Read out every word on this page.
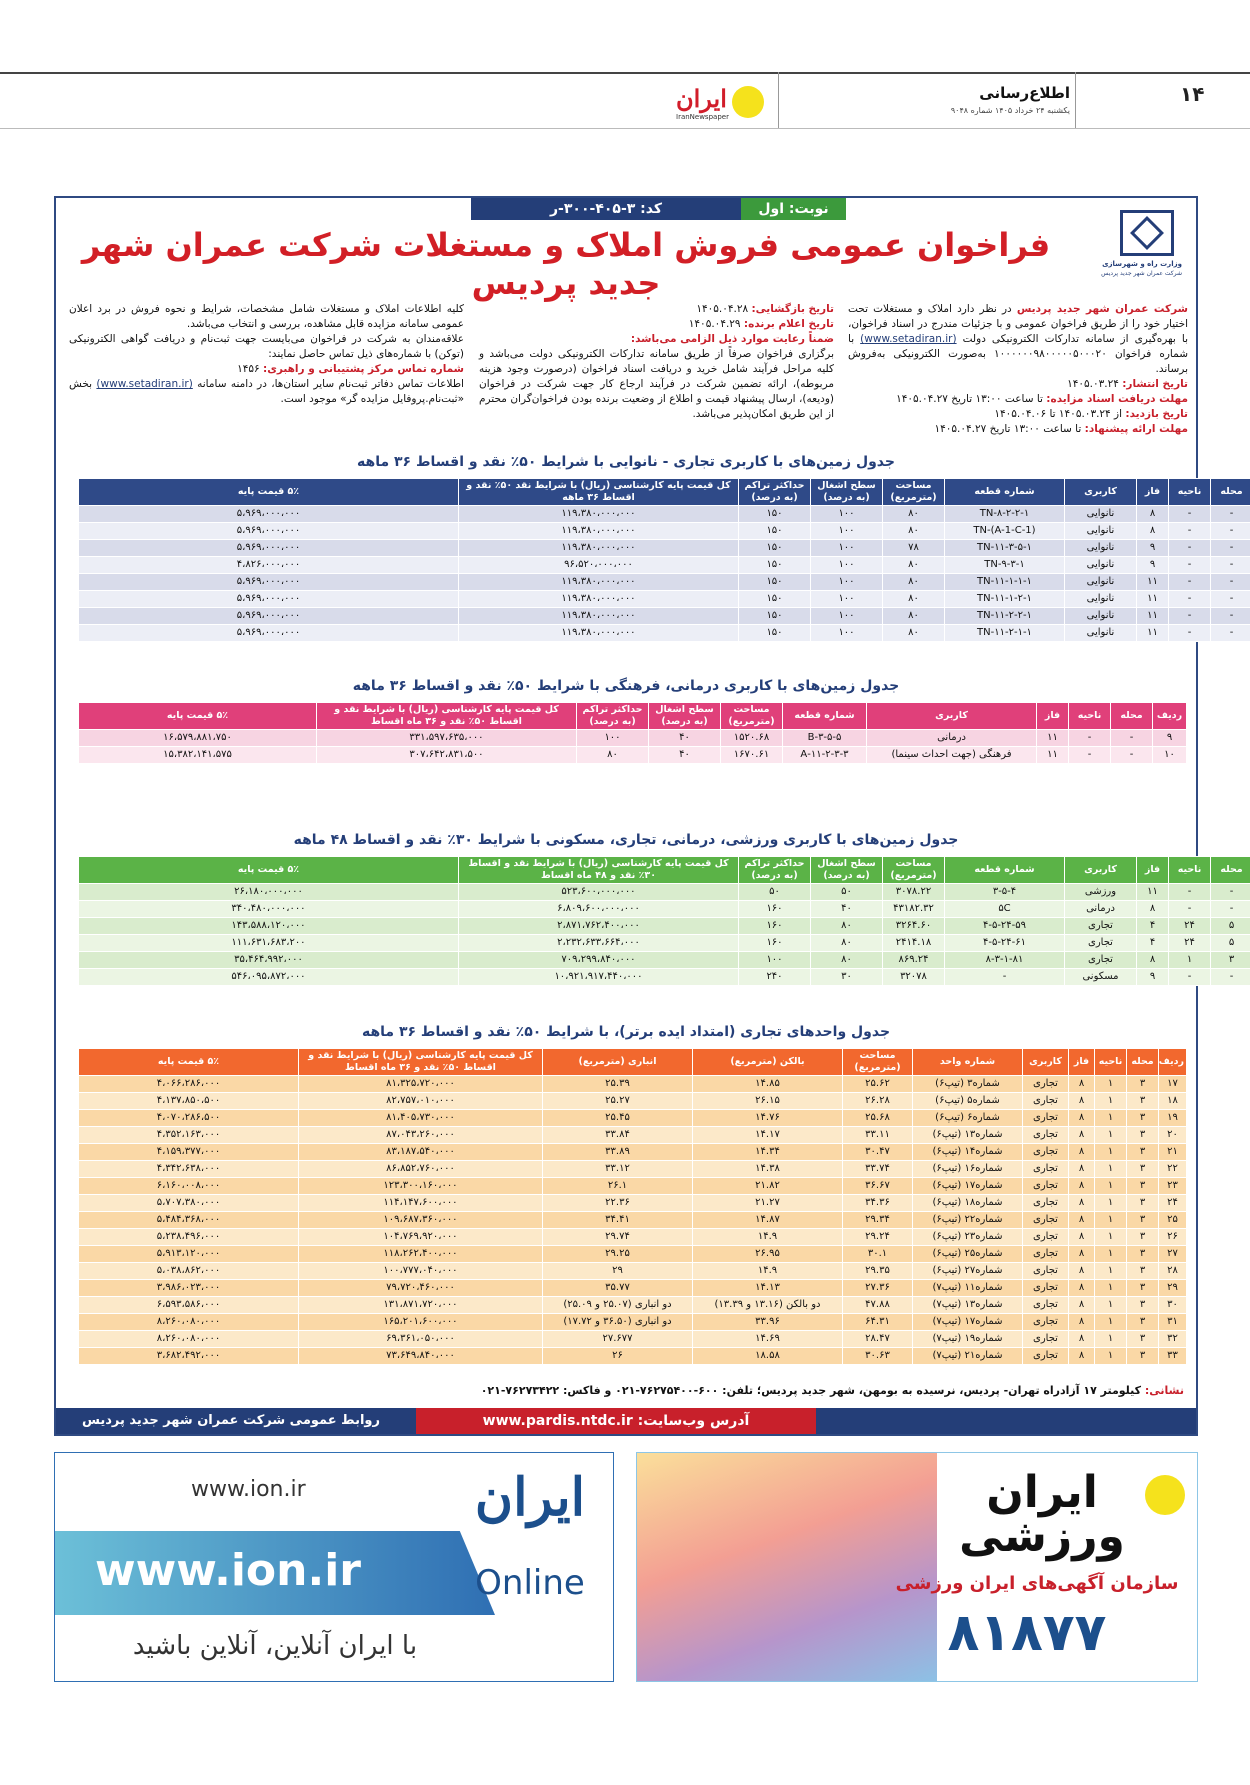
۱۴
اطلاع‌رسانی
یکشنبه ۲۴ خرداد ۱۴۰۵ شماره ۹۰۴۸
ایران
IranNewspaper
نوبت: اول
کد: ۳-۴۰۵-۳۰۰-ر
وزارت راه و شهرسازی
شرکت عمران شهر جدید پردیس
فراخوان عمومی فروش املاک و مستغلات شرکت عمران شهر جدید پردیس

شرکت عمران شهر جدید پردیس در نظر دارد املاک و مستغلات تحت اختیار خود را از طریق فراخوان عمومی و با جزئیات مندرج در اسناد فراخوان، با بهره‌گیری از سامانه تدارکات الکترونیکی دولت (www.setadiran.ir) با شماره فراخوان ۱۰۰۰۰۰۰۹۸۰۰۰۰۰۵۰۰۰۲۰ به‌صورت الکترونیکی به‌فروش برساند.

تاریخ انتشار: ۱۴۰۵.۰۳.۲۴

مهلت دریافت اسناد مزایده: تا ساعت ۱۳:۰۰ تاریخ ۱۴۰۵.۰۴.۲۷

تاریخ بازدید: از ۱۴۰۵.۰۳.۲۴ تا ۱۴۰۵.۰۴.۰۶

مهلت ارائه پیشنهاد: تا ساعت ۱۳:۰۰ تاریخ ۱۴۰۵.۰۴.۲۷

تاریخ بازگشایی: ۱۴۰۵.۰۴.۲۸

تاریخ اعلام برنده: ۱۴۰۵.۰۴.۲۹

ضمناً رعایت موارد ذیل الزامی می‌باشد:

برگزاری فراخوان صرفاً از طریق سامانه تدارکات الکترونیکی دولت می‌باشد و کلیه مراحل فرآیند شامل خرید و دریافت اسناد فراخوان (درصورت وجود هزینه مربوطه)، ارائه تضمین شرکت در فرآیند ارجاع کار جهت شرکت در فراخوان (ودیعه)، ارسال پیشنهاد قیمت و اطلاع از وضعیت برنده بودن فراخوان‌گران محترم از این طریق امکان‌پذیر می‌باشد.

کلیه اطلاعات املاک و مستغلات شامل مشخصات، شرایط و نحوه فروش در برد اعلان عمومی سامانه مزایده قابل مشاهده، بررسی و انتخاب می‌باشد.

علاقه‌مندان به شرکت در فراخوان می‌بایست جهت ثبت‌نام و دریافت گواهی الکترونیکی (توکن) با شماره‌های ذیل تماس حاصل نمایند:

شماره تماس مرکز پشتیبانی و راهبری: ۱۴۵۶

اطلاعات تماس دفاتر ثبت‌نام سایر استان‌ها، در دامنه سامانه (www.setadiran.ir) بخش «ثبت‌نام.پروفایل مزایده گر» موجود است.

جدول زمین‌های با کاربری تجاری - نانوایی با شرایط ۵۰٪ نقد و اقساط ۳۶ ماهه
	محله	ناحیه	فاز	کاربری	شماره قطعه	مساحت (مترمربع)	سطح اشغال (به درصد)	حداکثر تراکم (به درصد)	کل قیمت پایه کارشناسی (ریال) با شرایط نقد ۵۰٪ نقد و اقساط ۳۶ ماهه	۵٪ قیمت پایه
	-	-	۸	نانوایی	TN-۸-۲-۲-۱	۸۰	۱۰۰	۱۵۰	۱۱۹،۳۸۰،۰۰۰،۰۰۰	۵،۹۶۹،۰۰۰،۰۰۰
	-	-	۸	نانوایی	TN-(A-1-C-1)	۸۰	۱۰۰	۱۵۰	۱۱۹،۳۸۰،۰۰۰،۰۰۰	۵،۹۶۹،۰۰۰،۰۰۰
	-	-	۹	نانوایی	TN-۱۱-۳-۵-۱	۷۸	۱۰۰	۱۵۰	۱۱۹،۳۸۰،۰۰۰،۰۰۰	۵،۹۶۹،۰۰۰،۰۰۰
	-	-	۹	نانوایی	TN-۹-۳-۱	۸۰	۱۰۰	۱۵۰	۹۶،۵۲۰،۰۰۰،۰۰۰	۴،۸۲۶،۰۰۰،۰۰۰
	-	-	۱۱	نانوایی	TN-۱۱-۱-۱-۱	۸۰	۱۰۰	۱۵۰	۱۱۹،۳۸۰،۰۰۰،۰۰۰	۵،۹۶۹،۰۰۰،۰۰۰
	-	-	۱۱	نانوایی	TN-۱۱-۱-۲-۱	۸۰	۱۰۰	۱۵۰	۱۱۹،۳۸۰،۰۰۰،۰۰۰	۵،۹۶۹،۰۰۰،۰۰۰
	-	-	۱۱	نانوایی	TN-۱۱-۲-۲-۱	۸۰	۱۰۰	۱۵۰	۱۱۹،۳۸۰،۰۰۰،۰۰۰	۵،۹۶۹،۰۰۰،۰۰۰
	-	-	۱۱	نانوایی	TN-۱۱-۲-۱-۱	۸۰	۱۰۰	۱۵۰	۱۱۹،۳۸۰،۰۰۰،۰۰۰	۵،۹۶۹،۰۰۰،۰۰۰
جدول زمین‌های با کاربری درمانی، فرهنگی با شرایط ۵۰٪ نقد و اقساط ۳۶ ماهه
ردیف	محله	ناحیه	فاز	کاربری	شماره قطعه	مساحت (مترمربع)	سطح اشغال (به درصد)	حداکثر تراکم (به درصد)	کل قیمت پایه کارشناسی (ریال) با شرایط نقد و اقساط ۵۰٪ نقد و ۳۶ ماه اقساط	۵٪ قیمت پایه
۹	-	-	۱۱	درمانی	۳-۵-۵-B	۱۵۲۰.۶۸	۴۰	۱۰۰	۳۳۱،۵۹۷،۶۳۵،۰۰۰	۱۶،۵۷۹،۸۸۱،۷۵۰
۱۰	-	-	۱۱	فرهنگی (جهت احداث سینما)	۱۱-۲-۳-۳-A	۱۶۷۰.۶۱	۴۰	۸۰	۳۰۷،۶۴۲،۸۳۱،۵۰۰	۱۵،۳۸۲،۱۴۱،۵۷۵
جدول زمین‌های با کاربری ورزشی، درمانی، تجاری، مسکونی با شرایط ۳۰٪ نقد و اقساط ۴۸ ماهه
	محله	ناحیه	فاز	کاربری	شماره قطعه	مساحت (مترمربع)	سطح اشغال (به درصد)	حداکثر تراکم (به درصد)	کل قیمت پایه کارشناسی (ریال) با شرایط نقد و اقساط ۳۰٪ نقد و ۴۸ ماه اقساط	۵٪ قیمت پایه
	-	-	۱۱	ورزشی	۳-۵-۴	۳۰۷۸.۲۲	۵۰	۵۰	۵۲۳،۶۰۰،۰۰۰،۰۰۰	۲۶،۱۸۰،۰۰۰،۰۰۰
	-	-	۸	درمانی	۵C	۴۳۱۸۲.۳۲	۴۰	۱۶۰	۶،۸۰۹،۶۰۰،۰۰۰،۰۰۰	۳۴۰،۴۸۰،۰۰۰،۰۰۰
	۵	۲۴	۴	تجاری	۴-۵-۲۴-۵۹	۳۲۶۴.۶۰	۸۰	۱۶۰	۲،۸۷۱،۷۶۲،۴۰۰،۰۰۰	۱۴۳،۵۸۸،۱۲۰،۰۰۰
	۵	۲۴	۴	تجاری	۴-۵-۲۴-۶۱	۲۴۱۴.۱۸	۸۰	۱۶۰	۲،۲۳۲،۶۳۳،۶۶۴،۰۰۰	۱۱۱،۶۳۱،۶۸۳،۲۰۰
	۳	۱	۸	تجاری	۸-۳-۱-۸۱	۸۶۹.۲۴	۸۰	۱۰۰	۷۰۹،۲۹۹،۸۴۰،۰۰۰	۳۵،۴۶۴،۹۹۲،۰۰۰
	-	-	۹	مسکونی	-	۳۲۰۷۸	۳۰	۲۴۰	۱۰،۹۲۱،۹۱۷،۴۴۰،۰۰۰	۵۴۶،۰۹۵،۸۷۲،۰۰۰
جدول واحدهای تجاری (امتداد ایده برتر)، با شرایط ۵۰٪ نقد و اقساط ۳۶ ماهه
ردیف	محله	ناحیه	فاز	کاربری	شماره واحد	مساحت (مترمربع)	بالکن (مترمربع)	انباری (مترمربع)	کل قیمت پایه کارشناسی (ریال) با شرایط نقد و اقساط ۵۰٪ نقد و ۳۶ ماه اقساط	۵٪ قیمت پایه
۱۷	۳	۱	۸	تجاری	شماره۳ (تیپ۶)	۲۵.۶۲	۱۴.۸۵	۲۵.۳۹	۸۱،۳۲۵،۷۲۰،۰۰۰	۴،۰۶۶،۲۸۶،۰۰۰
۱۸	۳	۱	۸	تجاری	شماره۵ (تیپ۶)	۲۶.۲۸	۲۶.۱۵	۲۵.۲۷	۸۲،۷۵۷،۰۱۰،۰۰۰	۴،۱۳۷،۸۵۰،۵۰۰
۱۹	۳	۱	۸	تجاری	شماره۶ (تیپ۶)	۲۵.۶۸	۱۴.۷۶	۲۵.۴۵	۸۱،۴۰۵،۷۳۰،۰۰۰	۴،۰۷۰،۲۸۶،۵۰۰
۲۰	۳	۱	۸	تجاری	شماره۱۳ (تیپ۶)	۳۳.۱۱	۱۴.۱۷	۳۳.۸۴	۸۷،۰۴۳،۲۶۰،۰۰۰	۴،۳۵۲،۱۶۳،۰۰۰
۲۱	۳	۱	۸	تجاری	شماره۱۴ (تیپ۶)	۳۰.۴۷	۱۴.۳۴	۳۳.۸۹	۸۳،۱۸۷،۵۴۰،۰۰۰	۴،۱۵۹،۳۷۷،۰۰۰
۲۲	۳	۱	۸	تجاری	شماره۱۶ (تیپ۶)	۳۳.۷۴	۱۴.۳۸	۳۳.۱۲	۸۶،۸۵۲،۷۶۰،۰۰۰	۴،۳۴۲،۶۳۸،۰۰۰
۲۳	۳	۱	۸	تجاری	شماره۱۷ (تیپ۶)	۳۶.۶۷	۲۱.۸۲	۲۶.۱	۱۲۳،۳۰۰،۱۶۰،۰۰۰	۶،۱۶۰،۰۰۸،۰۰۰
۲۴	۳	۱	۸	تجاری	شماره۱۸ (تیپ۶)	۳۴.۳۶	۲۱.۲۷	۲۲.۳۶	۱۱۴،۱۴۷،۶۰۰،۰۰۰	۵،۷۰۷،۳۸۰،۰۰۰
۲۵	۳	۱	۸	تجاری	شماره۲۲ (تیپ۶)	۲۹.۳۴	۱۴.۸۷	۳۴.۴۱	۱۰۹،۶۸۷،۳۶۰،۰۰۰	۵،۴۸۴،۳۶۸،۰۰۰
۲۶	۳	۱	۸	تجاری	شماره۲۳ (تیپ۶)	۲۹.۲۴	۱۴.۹	۲۹.۷۴	۱۰۴،۷۶۹،۹۲۰،۰۰۰	۵،۲۳۸،۴۹۶،۰۰۰
۲۷	۳	۱	۸	تجاری	شماره۲۵ (تیپ۶)	۳۰.۱	۲۶.۹۵	۲۹.۲۵	۱۱۸،۲۶۲،۴۰۰،۰۰۰	۵،۹۱۳،۱۲۰،۰۰۰
۲۸	۳	۱	۸	تجاری	شماره۲۷ (تیپ۶)	۲۹.۳۵	۱۴.۹	۲۹	۱۰۰،۷۷۷،۰۴۰،۰۰۰	۵،۰۳۸،۸۶۲،۰۰۰
۲۹	۳	۱	۸	تجاری	شماره۱۱ (تیپ۷)	۲۷.۳۶	۱۴.۱۳	۳۵.۷۷	۷۹،۷۲۰،۴۶۰،۰۰۰	۳،۹۸۶،۰۲۳،۰۰۰
۳۰	۳	۱	۸	تجاری	شماره۱۳ (تیپ۷)	۴۷.۸۸	دو بالکن (۱۳.۱۶ و ۱۳.۳۹)	دو انباری (۲۵.۰۷ و ۲۵.۰۹)	۱۳۱،۸۷۱،۷۲۰،۰۰۰	۶،۵۹۳،۵۸۶،۰۰۰
۳۱	۳	۱	۸	تجاری	شماره۱۷ (تیپ۷)	۶۴.۳۱	۳۳.۹۶	دو انباری (۳۶.۵۰ و ۱۷.۷۲)	۱۶۵،۲۰۱،۶۰۰،۰۰۰	۸،۲۶۰،۰۸۰،۰۰۰
۳۲	۳	۱	۸	تجاری	شماره۱۹ (تیپ۷)	۲۸.۴۷	۱۴.۶۹	۲۷.۶۷۷	۶۹،۳۶۱،۰۵۰،۰۰۰	۸،۲۶۰،۰۸۰،۰۰۰
۳۳	۳	۱	۸	تجاری	شماره۲۱ (تیپ۷)	۳۰.۶۳	۱۸.۵۸	۲۶	۷۳،۶۴۹،۸۴۰،۰۰۰	۳،۶۸۲،۴۹۲،۰۰۰
نشانی: کیلومتر ۱۷ آزادراه تهران- پردیس، نرسیده به بومهن، شهر جدید پردیس؛ تلفن: ۶۰۰-۷۶۲۷۵۴۰۰-۰۲۱ و فاکس: ۷۶۲۷۳۴۲۲-۰۲۱
آدرس وب‌سایت: www.pardis.ntdc.ir
روابط عمومی شرکت عمران شهر جدید پردیس
www.ion.ir
www.ion.ir
ایران
Online
با ایران آنلاین، آنلاین باشید
ایران ورزشی
سازمان آگهی‌های ایران ورزشی
۸۱۸۷۷
